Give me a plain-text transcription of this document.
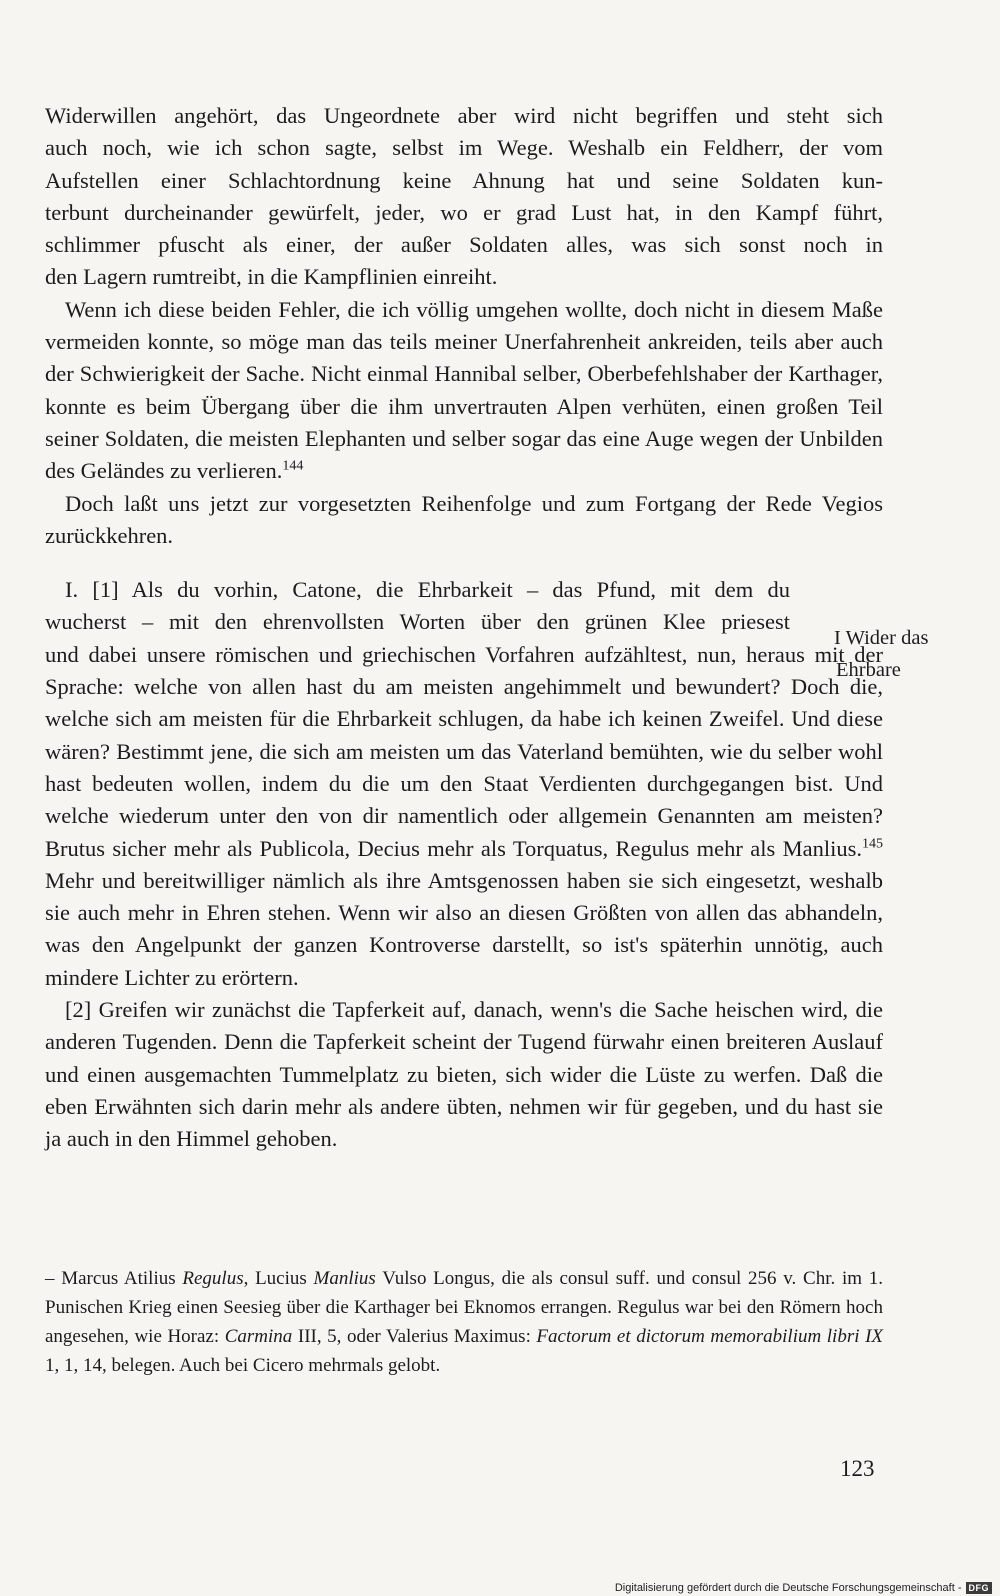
Widerwillen angehört, das Ungeordnete aber wird nicht begriffen und steht sich
auch noch, wie ich schon sagte, selbst im Wege. Weshalb ein Feldherr, der vom
Aufstellen einer Schlachtordnung keine Ahnung hat und seine Soldaten kun-
terbunt durcheinander gewürfelt, jeder, wo er grad Lust hat, in den Kampf führt,
schlimmer pfuscht als einer, der außer Soldaten alles, was sich sonst noch in
den Lagern rumtreibt, in die Kampflinien einreiht.

Wenn ich diese beiden Fehler, die ich völlig umgehen wollte, doch nicht in diesem Maße vermeiden konnte, so möge man das teils meiner Unerfahrenheit ankreiden, teils aber auch der Schwierigkeit der Sache. Nicht einmal Hannibal selber, Oberbefehlshaber der Karthager, konnte es beim Übergang über die ihm unvertrauten Alpen verhüten, einen großen Teil seiner Soldaten, die meisten Elephanten und selber sogar das eine Auge wegen der Unbilden des Geländes zu verlieren.$^{144}$

Doch laßt uns jetzt zur vorgesetzten Reihenfolge und zum Fortgang der Rede Vegios zurückkehren.

I. [1] Als du vorhin, Catone, die Ehrbarkeit – das Pfund, mit dem du
wucherst – mit den ehrenvollsten Worten über den grünen Klee priesest
und dabei unsere römischen und griechischen Vorfahren aufzähltest, nun, heraus mit der Sprache: welche von allen hast du am meisten angehimmelt und bewundert? Doch die, welche sich am meisten für die Ehrbarkeit schlugen, da habe ich keinen Zweifel. Und diese wären? Bestimmt jene, die sich am meisten um das Vaterland bemühten, wie du selber wohl hast bedeuten wollen, indem du die um den Staat Verdienten durchgegangen bist. Und welche wiederum unter den von dir namentlich oder allgemein Genannten am meisten? Brutus sicher mehr als Publicola, Decius mehr als Torquatus, Regulus mehr als Manlius.$^{145}$ Mehr und bereitwilliger nämlich als ihre Amtsgenossen haben sie sich eingesetzt, weshalb sie auch mehr in Ehren stehen. Wenn wir also an diesen Größten von allen das abhandeln, was den Angelpunkt der ganzen Kontroverse darstellt, so ist's späterhin unnötig, auch mindere Lichter zu erörtern.

[2] Greifen wir zunächst die Tapferkeit auf, danach, wenn's die Sache heischen wird, die anderen Tugenden. Denn die Tapferkeit scheint der Tugend fürwahr einen breiteren Auslauf und einen ausgemachten Tummelplatz zu bieten, sich wider die Lüste zu werfen. Daß die eben Erwähnten sich darin mehr als andere übten, nehmen wir für gegeben, und du hast sie ja auch in den Himmel gehoben.

I Wider das
Ehrbare
– Marcus Atilius Regulus, Lucius Manlius Vulso Longus, die als consul suff. und consul 256 v. Chr. im 1. Punischen Krieg einen Seesieg über die Karthager bei Eknomos errangen. Regulus war bei den Römern hoch angesehen, wie Horaz: Carmina III, 5, oder Valerius Maximus: Factorum et dictorum memorabilium libri IX 1, 1, 14, belegen. Auch bei Cicero mehrmals gelobt.
123
Digitalisierung gefördert durch die Deutsche Forschungsgemeinschaft - DFG
